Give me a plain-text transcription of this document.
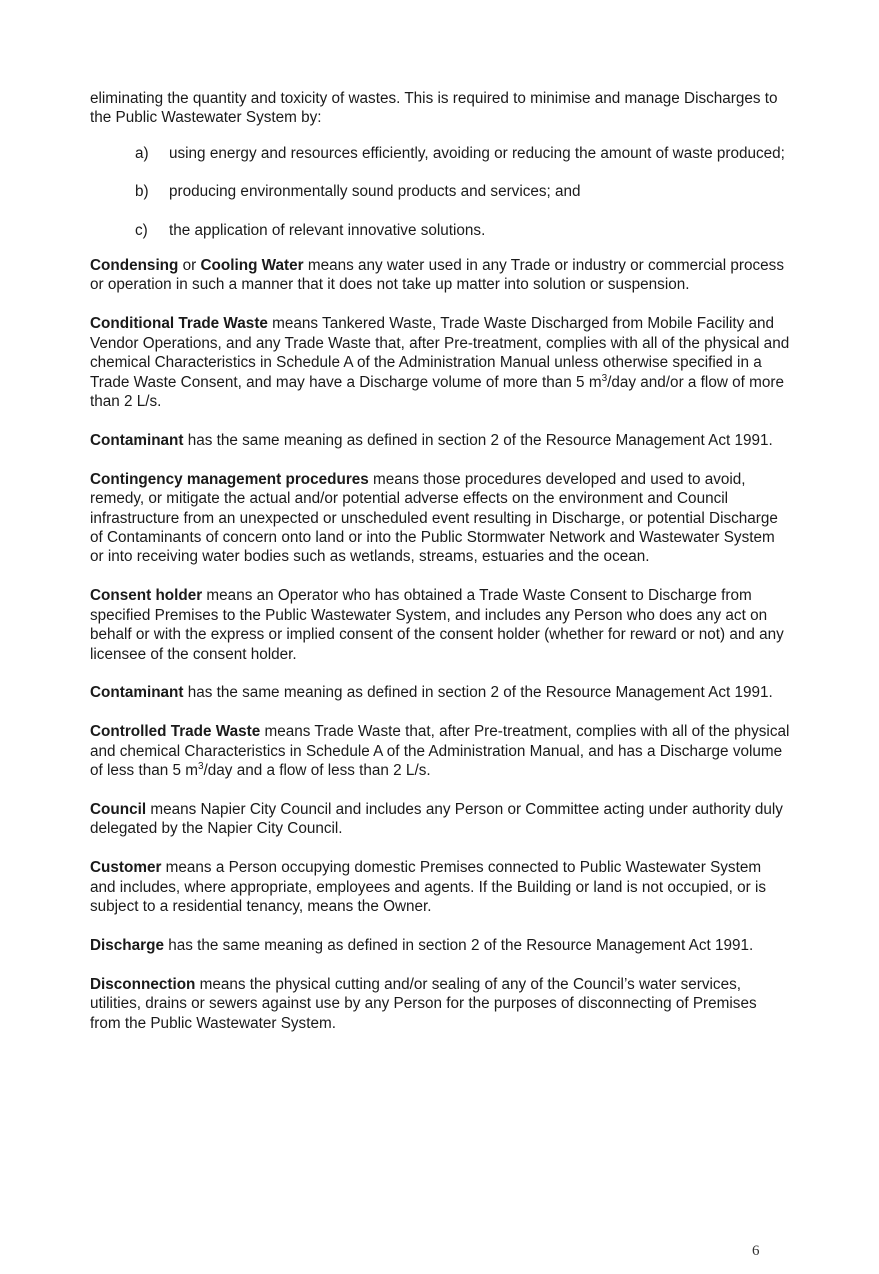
eliminating the quantity and toxicity of wastes. This is required to minimise and manage Discharges to the Public Wastewater System by:

a) using energy and resources efficiently, avoiding or reducing the amount of waste produced;
b) producing environmentally sound products and services; and
c) the application of relevant innovative solutions.

Condensing or Cooling Water means any water used in any Trade or industry or commercial process or operation in such a manner that it does not take up matter into solution or suspension.

Conditional Trade Waste means Tankered Waste, Trade Waste Discharged from Mobile Facility and Vendor Operations, and any Trade Waste that, after Pre-treatment, complies with all of the physical and chemical Characteristics in Schedule A of the Administration Manual unless otherwise specified in a Trade Waste Consent, and may have a Discharge volume of more than 5 $m^3$/day and/or a flow of more than 2 L/s.

Contaminant has the same meaning as defined in section 2 of the Resource Management Act 1991.

Contingency management procedures means those procedures developed and used to avoid, remedy, or mitigate the actual and/or potential adverse effects on the environment and Council infrastructure from an unexpected or unscheduled event resulting in Discharge, or potential Discharge of Contaminants of concern onto land or into the Public Stormwater Network and Wastewater System or into receiving water bodies such as wetlands, streams, estuaries and the ocean.

Consent holder means an Operator who has obtained a Trade Waste Consent to Discharge from specified Premises to the Public Wastewater System, and includes any Person who does any act on behalf or with the express or implied consent of the consent holder (whether for reward or not) and any licensee of the consent holder.

Contaminant has the same meaning as defined in section 2 of the Resource Management Act 1991.

Controlled Trade Waste means Trade Waste that, after Pre-treatment, complies with all of the physical and chemical Characteristics in Schedule A of the Administration Manual, and has a Discharge volume of less than 5 $m^3$/day and a flow of less than 2 L/s.

Council means Napier City Council and includes any Person or Committee acting under authority duly delegated by the Napier City Council.

Customer means a Person occupying domestic Premises connected to Public Wastewater System and includes, where appropriate, employees and agents. If the Building or land is not occupied, or is subject to a residential tenancy, means the Owner.

Discharge has the same meaning as defined in section 2 of the Resource Management Act 1991.

Disconnection means the physical cutting and/or sealing of any of the Council’s water services, utilities, drains or sewers against use by any Person for the purposes of disconnecting of Premises from the Public Wastewater System.

6
